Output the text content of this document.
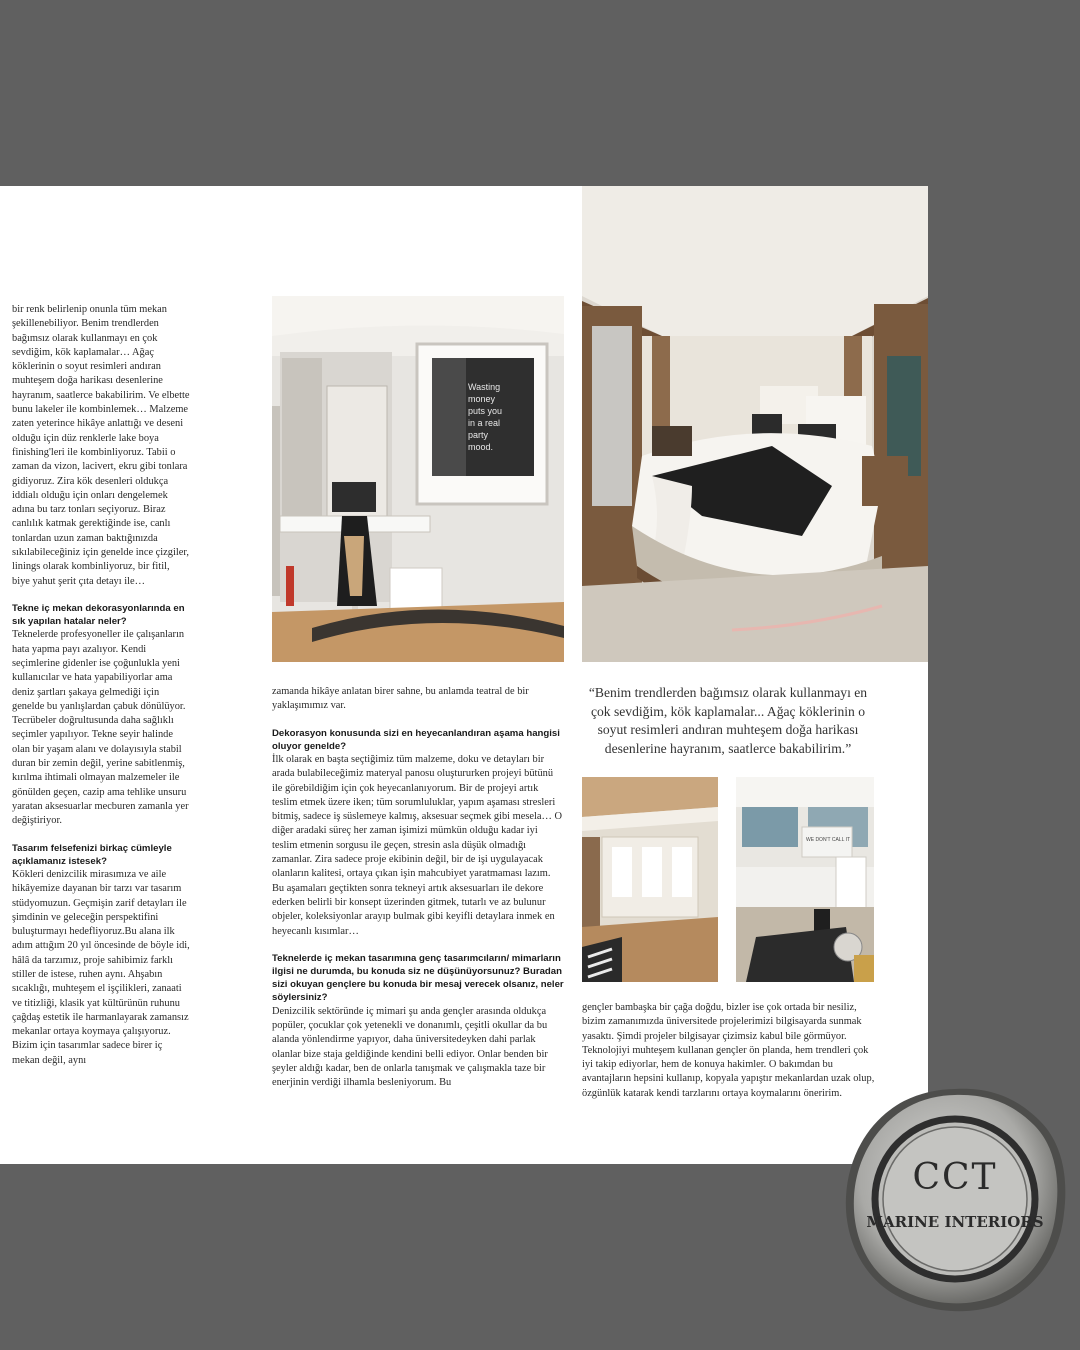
bir renk belirlenip onunla tüm mekan şekillenebiliyor. Benim trendlerden bağımsız olarak kullanmayı en çok sevdiğim, kök kaplamalar… Ağaç köklerinin o soyut resimleri andıran muhteşem doğa harikası desenlerine hayranım, saatlerce bakabilirim. Ve elbette bunu lakeler ile kombinlemek… Malzeme zaten yeterince hikâye anlattığı ve deseni olduğu için düz renklerle lake boya finishing'leri ile kombinliyoruz. Tabii o zaman da vizon, lacivert, ekru gibi tonlara gidiyoruz. Zira kök desenleri oldukça iddialı olduğu için onları dengelemek adına bu tarz tonları seçiyoruz. Biraz canlılık katmak gerektiğinde ise, canlı tonlardan uzun zaman baktığınızda sıkılabileceğiniz için genelde ince çizgiler, linings olarak kombinliyoruz, bir fitil, biye yahut şerit çıta detayı ile…

Tekne iç mekan dekorasyonlarında en sık yapılan hatalar neler?

Teknelerde profesyoneller ile çalışanların hata yapma payı azalıyor. Kendi seçimlerine gidenler ise çoğunlukla yeni kullanıcılar ve hata yapabiliyorlar ama deniz şartları şakaya gelmediği için genelde bu yanlışlardan çabuk dönülüyor. Tecrübeler doğrultusunda daha sağlıklı seçimler yapılıyor. Tekne seyir halinde olan bir yaşam alanı ve dolayısıyla stabil duran bir zemin değil, yerine sabitlenmiş, kırılma ihtimali olmayan malzemeler ile gönülden geçen, cazip ama tehlike unsuru yaratan aksesuarlar mecburen zamanla yer değiştiriyor.

Tasarım felsefenizi birkaç cümleyle açıklamanız istesek?

Kökleri denizcilik mirasımıza ve aile hikâyemize dayanan bir tarzı var tasarım stüdyomuzun. Geçmişin zarif detayları ile şimdinin ve geleceğin perspektifini buluşturmayı hedefliyoruz.Bu alana ilk adım attığım 20 yıl öncesinde de böyle idi, hâlâ da tarzımız, proje sahibimiz farklı stiller de istese, ruhen aynı. Ahşabın sıcaklığı, muhteşem el işçilikleri, zanaati ve titizliği, klasik yat kültürünün ruhunu çağdaş estetik ile harmanlayarak zamansız mekanlar ortaya koymaya çalışıyoruz. Bizim için tasarımlar sadece birer iç mekan değil, aynı

Wasting money puts you in a real party mood.

zamanda hikâye anlatan birer sahne, bu anlamda teatral de bir yaklaşımımız var.

Dekorasyon konusunda sizi en heyecanlandıran aşama hangisi oluyor genelde?

İlk olarak en başta seçtiğimiz tüm malzeme, doku ve detayları bir arada bulabileceğimiz materyal panosu oluştururken projeyi bütünü ile görebildiğim için çok heyecanlanıyorum. Bir de projeyi artık teslim etmek üzere iken; tüm sorumluluklar, yapım aşaması stresleri bitmiş, sadece iş süslemeye kalmış, aksesuar seçmek gibi mesela… O diğer aradaki süreç her zaman işimizi mümkün olduğu kadar iyi teslim etmenin sorgusu ile geçen, stresin asla düşük olmadığı zamanlar. Zira sadece proje ekibinin değil, bir de işi uygulayacak olanların kalitesi, ortaya çıkan işin mahcubiyet yaratmaması lazım. Bu aşamaları geçtikten sonra tekneyi artık aksesuarları ile dekore ederken belirli bir konsept üzerinden gitmek, tutarlı ve az bulunur objeler, koleksiyonlar arayıp bulmak gibi keyifli detaylara inmek en heyecanlı kısımlar…

Teknelerde iç mekan tasarımına genç tasarımcıların/ mimarların ilgisi ne durumda, bu konuda siz ne düşünüyorsunuz? Buradan sizi okuyan gençlere bu konuda bir mesaj verecek olsanız, neler söylersiniz?

Denizcilik sektöründe iç mimari şu anda gençler arasında oldukça popüler, çocuklar çok yetenekli ve donanımlı, çeşitli okullar da bu alanda yönlendirme yapıyor, daha üniversitedeyken dahi parlak olanlar bize staja geldiğinde kendini belli ediyor. Onlar benden bir şeyler aldığı kadar, ben de onlarla tanışmak ve çalışmakla taze bir enerjinin verdiği ilhamla besleniyorum. Bu

“Benim trendlerden bağımsız olarak kullanmayı en çok sevdiğim, kök kaplamalar... Ağaç köklerinin o soyut resimleri andıran muhteşem doğa harikası desenlerine hayranım, saatlerce bakabilirim.”
WE DON'T CALL IT

gençler bambaşka bir çağa doğdu, bizler ise çok ortada bir nesiliz, bizim zamanımızda üniversitede projelerimizi bilgisayarda sunmak yasaktı. Şimdi projeler bilgisayar çizimsiz kabul bile görmüyor. Teknolojiyi muhteşem kullanan gençler ön planda, hem trendleri çok iyi takip ediyorlar, hem de konuya hakimler. O bakımdan bu avantajların hepsini kullanıp, kopyala yapıştır mekanlardan uzak olup, özgünlük katarak kendi tarzlarını ortaya koymalarını öneririm.

CCT
MARINE INTERIORS
